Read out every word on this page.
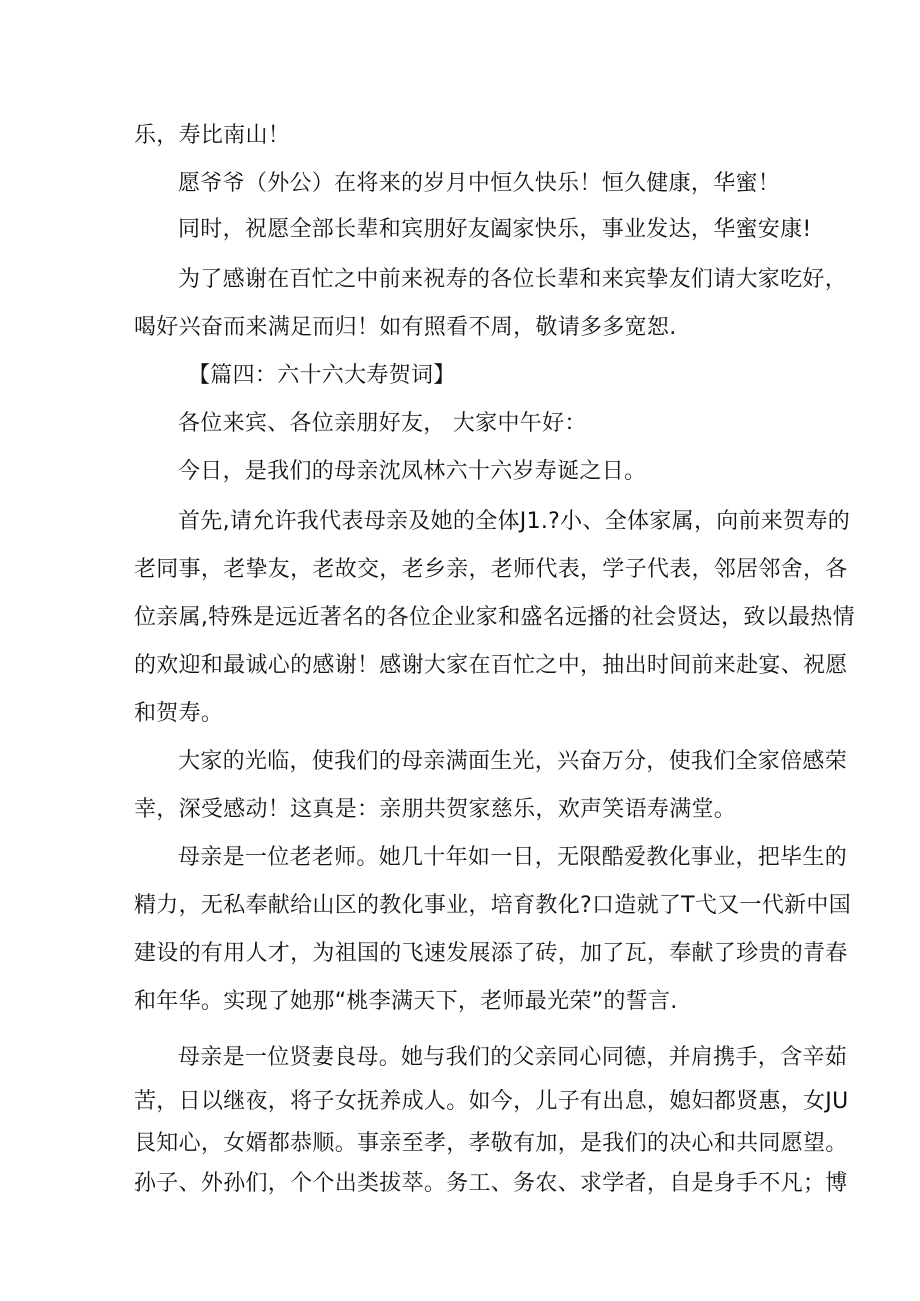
乐，寿比南山！
愿爷爷（外公）在将来的岁月中恒久快乐！恒久健康，华蜜！
同时，祝愿全部长辈和宾朋好友阖家快乐，事业发达，华蜜安康!
为了感谢在百忙之中前来祝寿的各位长辈和来宾挚友们请大家吃好，
喝好兴奋而来满足而归！如有照看不周，敬请多多宽恕.
【篇四：六十六大寿贺词】
各位来宾、各位亲朋好友， 大家中午好：
今日，是我们的母亲沈凤林六十六岁寿诞之日。
首先,请允许我代表母亲及她的全体J1.?小、全体家属，向前来贺寿的
老同事，老挚友，老故交，老乡亲，老师代表，学子代表，邻居邻舍，各
位亲属,特殊是远近著名的各位企业家和盛名远播的社会贤达，致以最热情
的欢迎和最诚心的感谢！感谢大家在百忙之中，抽出时间前来赴宴、祝愿
和贺寿。
大家的光临，使我们的母亲满面生光，兴奋万分，使我们全家倍感荣
幸，深受感动！这真是：亲朋共贺家慈乐，欢声笑语寿满堂。
母亲是一位老老师。她几十年如一日，无限酷爱教化事业，把毕生的
精力，无私奉献给山区的教化事业，培育教化?口造就了T弋又一代新中国
建设的有用人才，为祖国的飞速发展添了砖，加了瓦，奉献了珍贵的青春
和年华。实现了她那“桃李满天下，老师最光荣”的誓言.
母亲是一位贤妻良母。她与我们的父亲同心同德，并肩携手，含辛茹
苦，日以继夜，将子女抚养成人。如今，儿子有出息，媳妇都贤惠，女JU
艮知心，女婿都恭顺。事亲至孝，孝敬有加，是我们的决心和共同愿望。
孙子、外孙们，个个出类拔萃。务工、务农、求学者，自是身手不凡；博
